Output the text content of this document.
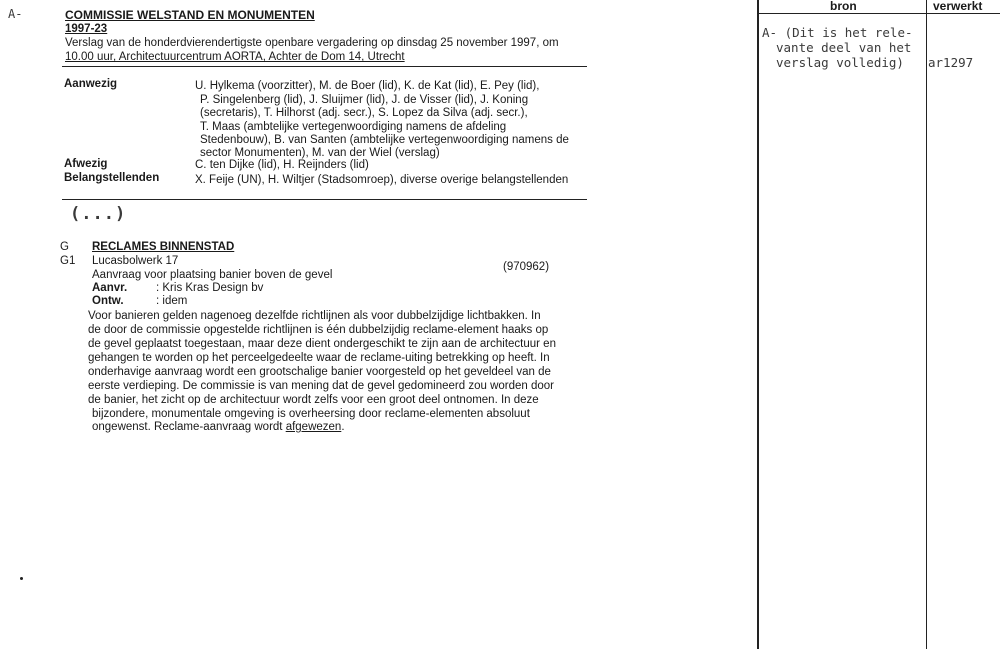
A-	COMMISSIE WELSTAND EN MONUMENTEN
1997-23
Verslag van de honderdvierendertigste openbare vergadering op dinsdag 25 november 1997, om
10.00 uur, Architectuurcentrum AORTA, Achter de Dom 14, Utrecht
Aanwezig	U. Hylkema (voorzitter), M. de Boer (lid), K. de Kat (lid), E. Pey (lid),
P. Singelenberg (lid), J. Sluijmer (lid), J. de Visser (lid), J. Koning
(secretaris), T. Hilhorst (adj. secr.), S. Lopez da Silva (adj. secr.),
T. Maas (ambtelijke vertegenwoordiging namens de afdeling
Stedenbouw), B. van Santen (ambtelijke vertegenwoordiging namens de
sector Monumenten), M. van der Wiel (verslag)
Afwezig	C. ten Dijke (lid), H. Reijnders (lid)
Belangstellenden	X. Feije (UN), H. Wiltjer (Stadsomroep), diverse overige belangstellenden
(...)
G RECLAMES BINNENSTAD
G1 Lucasbolwerk 17	(970962)
Aanvraag voor plaatsing banier boven de gevel
Aanvr.	: Kris Kras Design bv
Ontw.	: idem
Voor banieren gelden nagenoeg dezelfde richtlijnen als voor dubbelzijdige lichtbakken. In
de door de commissie opgestelde richtlijnen is één dubbelzijdig reclame-element haaks op
de gevel geplaatst toegestaan, maar deze dient ondergeschikt te zijn aan de architectuur en
gehangen te worden op het perceelgedeelte waar de reclame-uiting betrekking op heeft. In
onderhavige aanvraag wordt een grootschalige banier voorgesteld op het geveldeel van de
eerste verdieping. De commissie is van mening dat de gevel gedomineerd zou worden door
de banier, het zicht op de architectuur wordt zelfs voor een groot deel ontnomen. In deze
bijzondere, monumentale omgeving is overheersing door reclame-elementen absoluut
ongewenst. Reclame-aanvraag wordt afgewezen.
bron	verwerkt
A- (Dit is het rele-
vante deel van het
verslag volledig) ar1297
